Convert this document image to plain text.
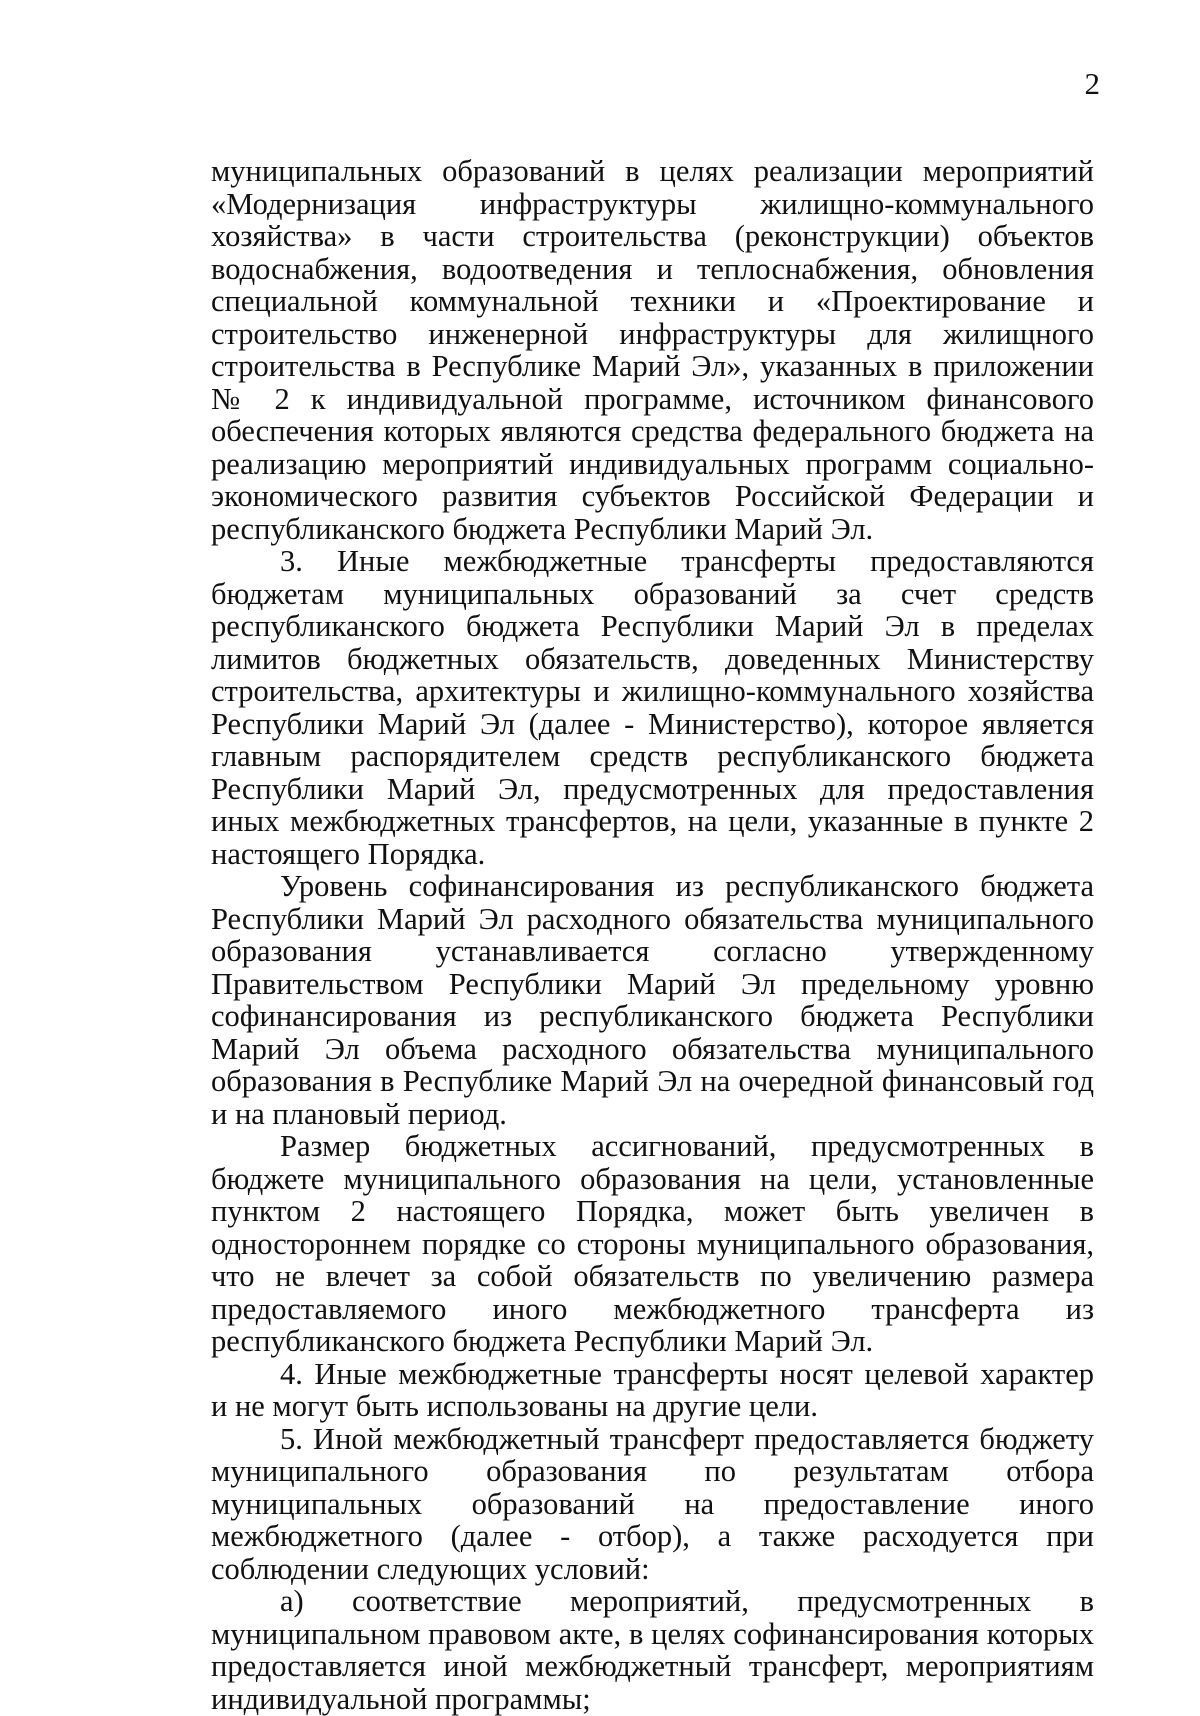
2

муниципальных образований в целях реализации мероприятий «Модернизация инфраструктуры жилищно-коммунального хозяйства» в части строительства (реконструкции) объектов водоснабжения, водоотведения и теплоснабжения, обновления специальной коммунальной техники и «Проектирование и строительство инженерной инфраструктуры для жилищного строительства в Республике Марий Эл», указанных в приложении № 2 к индивидуальной программе, источником финансового обеспечения которых являются средства федерального бюджета на реализацию мероприятий индивидуальных программ социально-экономического развития субъектов Российской Федерации и республиканского бюджета Республики Марий Эл.

3. Иные межбюджетные трансферты предоставляются бюджетам муниципальных образований за счет средств республиканского бюджета Республики Марий Эл в пределах лимитов бюджетных обязательств, доведенных Министерству строительства, архитектуры и жилищно-коммунального хозяйства Республики Марий Эл (далее - Министерство), которое является главным распорядителем средств республиканского бюджета Республики Марий Эл, предусмотренных для предоставления иных межбюджетных трансфертов, на цели, указанные в пункте 2 настоящего Порядка.

Уровень софинансирования из республиканского бюджета Республики Марий Эл расходного обязательства муниципального образования устанавливается согласно утвержденному Правительством Республики Марий Эл предельному уровню софинансирования из республиканского бюджета Республики Марий Эл объема расходного обязательства муниципального образования в Республике Марий Эл на очередной финансовый год и на плановый период.

Размер бюджетных ассигнований, предусмотренных в бюджете муниципального образования на цели, установленные пунктом 2 настоящего Порядка, может быть увеличен в одностороннем порядке со стороны муниципального образования, что не влечет за собой обязательств по увеличению размера предоставляемого иного межбюджетного трансферта из республиканского бюджета Республики Марий Эл.

4. Иные межбюджетные трансферты носят целевой характер и не могут быть использованы на другие цели.

5. Иной межбюджетный трансферт предоставляется бюджету муниципального образования по результатам отбора муниципальных образований на предоставление иного межбюджетного (далее - отбор), а также расходуется при соблюдении следующих условий:

а) соответствие мероприятий, предусмотренных в муниципальном правовом акте, в целях софинансирования которых предоставляется иной межбюджетный трансферт, мероприятиям индивидуальной программы;
